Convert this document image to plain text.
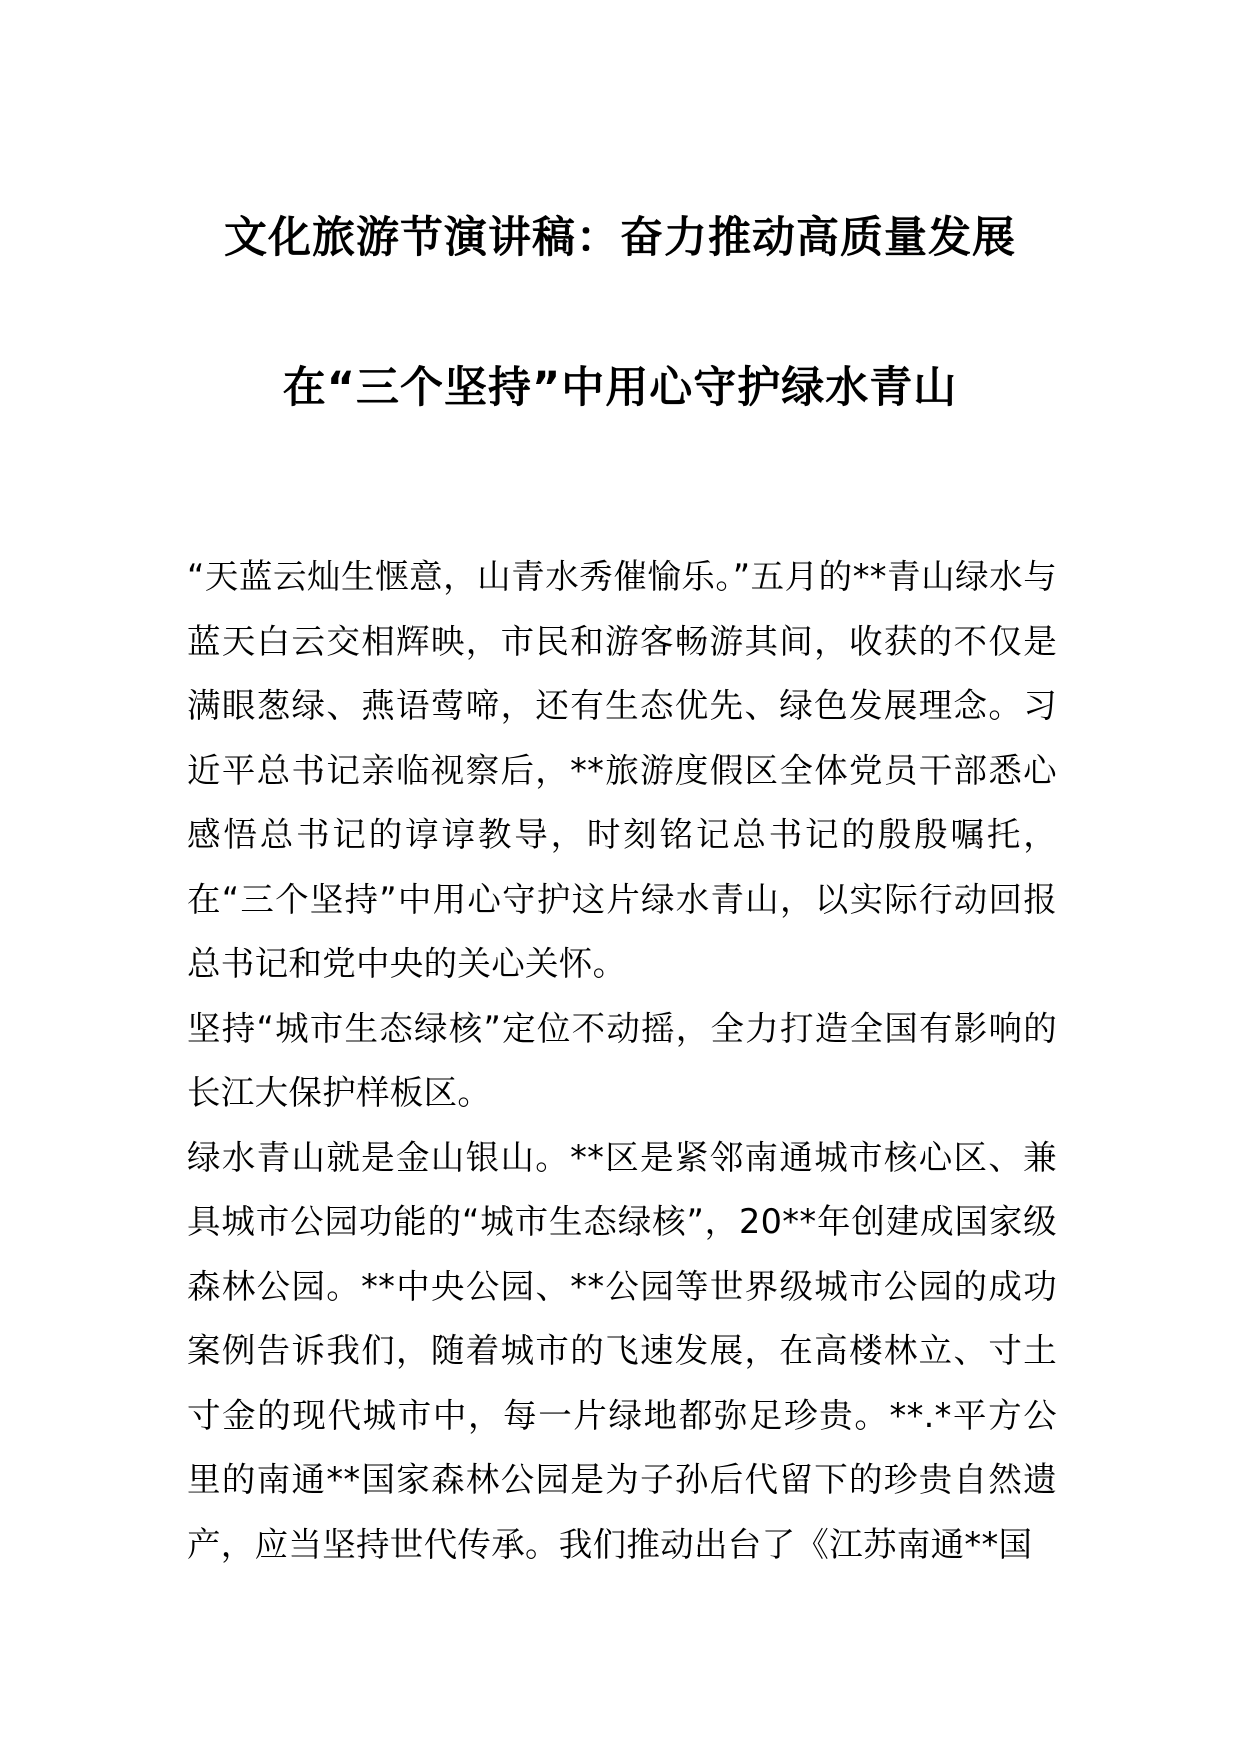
文化旅游节演讲稿：奋力推动高质量发展
在“三个坚持”中用心守护绿水青山

“天蓝云灿生惬意，山青水秀催愉乐。”五月的**青山绿水与蓝天白云交相辉映，市民和游客畅游其间，收获的不仅是满眼葱绿、燕语莺啼，还有生态优先、绿色发展理念。习近平总书记亲临视察后，**旅游度假区全体党员干部悉心感悟总书记的谆谆教导，时刻铭记总书记的殷殷嘱托，在“三个坚持”中用心守护这片绿水青山，以实际行动回报总书记和党中央的关心关怀。

坚持“城市生态绿核”定位不动摇，全力打造全国有影响的长江大保护样板区。

绿水青山就是金山银山。**区是紧邻南通城市核心区、兼具城市公园功能的“城市生态绿核”，20**年创建成国家级森林公园。**中央公园、**公园等世界级城市公园的成功案例告诉我们，随着城市的飞速发展，在高楼林立、寸土寸金的现代城市中，每一片绿地都弥足珍贵。**.*平方公里的南通**国家森林公园是为子孙后代留下的珍贵自然遗产，应当坚持世代传承。我们推动出台了《江苏南通**国
